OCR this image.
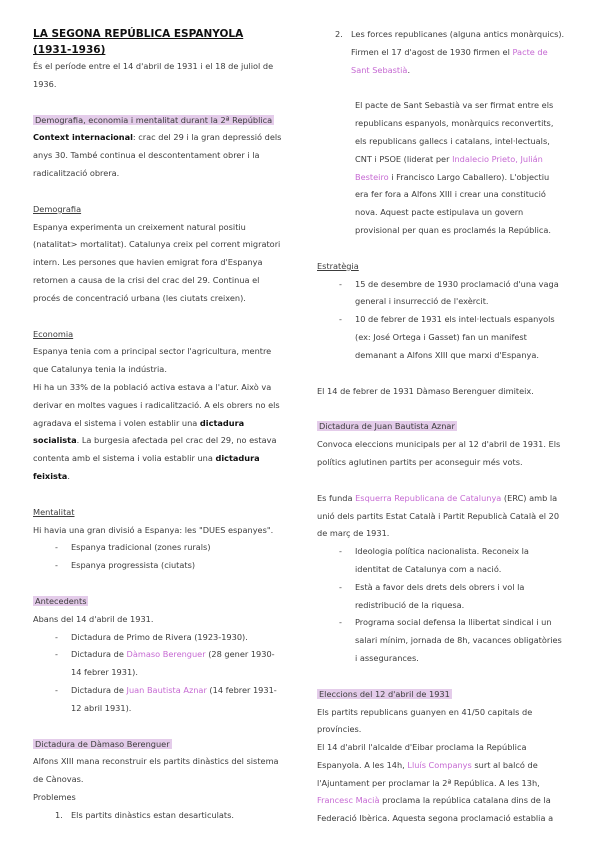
LA SEGONA REPÚBLICA ESPANYOLA
(1931-1936)

És el període entre el 14 d'abril de 1931 i el 18 de juliol de 1936.

Demografia, economia i mentalitat durant la 2ª República

Context internacional: crac del 29 i la gran depressió dels anys 30. També continua el descontentament obrer i la radicalització obrera.

Demografia

Espanya experimenta un creixement natural positiu (natalitat> mortalitat). Catalunya creix pel corrent migratori intern. Les persones que havien emigrat fora d'Espanya retornen a causa de la crisi del crac del 29. Continua el procés de concentració urbana (les ciutats creixen).

Economia

Espanya tenia com a principal sector l'agricultura, mentre que Catalunya tenia la indústria.

Hi ha un 33% de la població activa estava a l'atur. Això va derivar en moltes vagues i radicalització. A els obrers no els agradava el sistema i volen establir una dictadura socialista. La burgesia afectada pel crac del 29, no estava contenta amb el sistema i volia establir una dictadura feixista.

Mentalitat

Hi havia una gran divisió a Espanya: les "DUES espanyes".

- Espanya tradicional (zones rurals)
- Espanya progressista (ciutats)

Antecedents

Abans del 14 d'abril de 1931.

- Dictadura de Primo de Rivera (1923-1930).
- Dictadura de Dàmaso Berenguer (28 gener 1930-14 febrer 1931).
- Dictadura de Juan Bautista Aznar (14 febrer 1931-12 abril 1931).

Dictadura de Dàmaso Berenguer

Alfons XIII mana reconstruir els partits dinàstics del sistema de Cànovas.

Problemes

1. Els partits dinàstics estan desarticulats.
2. Les forces republicanes (alguna antics monàrquics). Firmen el 17 d'agost de 1930 firmen el Pacte de Sant Sebastià.

El pacte de Sant Sebastià va ser firmat entre els republicans espanyols, monàrquics reconvertits, els republicans gallecs i catalans, intel·lectuals, CNT i PSOE (liderat per Indalecio Prieto, Julián Besteiro i Francisco Largo Caballero). L'objectiu era fer fora a Alfons XIII i crear una constitució nova. Aquest pacte estipulava un govern provisional per quan es proclamés la República.

Estratègia

- 15 de desembre de 1930 proclamació d'una vaga general i insurrecció de l'exèrcit.
- 10 de febrer de 1931 els intel·lectuals espanyols (ex: José Ortega i Gasset) fan un manifest demanant a Alfons XIII que marxi d'Espanya.

El 14 de febrer de 1931 Dàmaso Berenguer dimiteix.

Dictadura de Juan Bautista Aznar

Convoca eleccions municipals per al 12 d'abril de 1931. Els polítics aglutinen partits per aconseguir més vots.

Es funda Esquerra Republicana de Catalunya (ERC) amb la unió dels partits Estat Català i Partit Republicà Català el 20 de març de 1931.

- Ideologia política nacionalista. Reconeix la identitat de Catalunya com a nació.
- Està a favor dels drets dels obrers i vol la redistribució de la riquesa.
- Programa social defensa la llibertat sindical i un salari mínim, jornada de 8h, vacances obligatòries i assegurances.

Eleccions del 12 d'abril de 1931

Els partits republicans guanyen en 41/50 capitals de províncies.

El 14 d'abril l'alcalde d'Eibar proclama la República Espanyola. A les 14h, Lluís Companys surt al balcó de l'Ajuntament per proclamar la 2ª República. A les 13h, Francesc Macià proclama la república catalana dins de la Federació Ibèrica. Aquesta segona proclamació establia a
